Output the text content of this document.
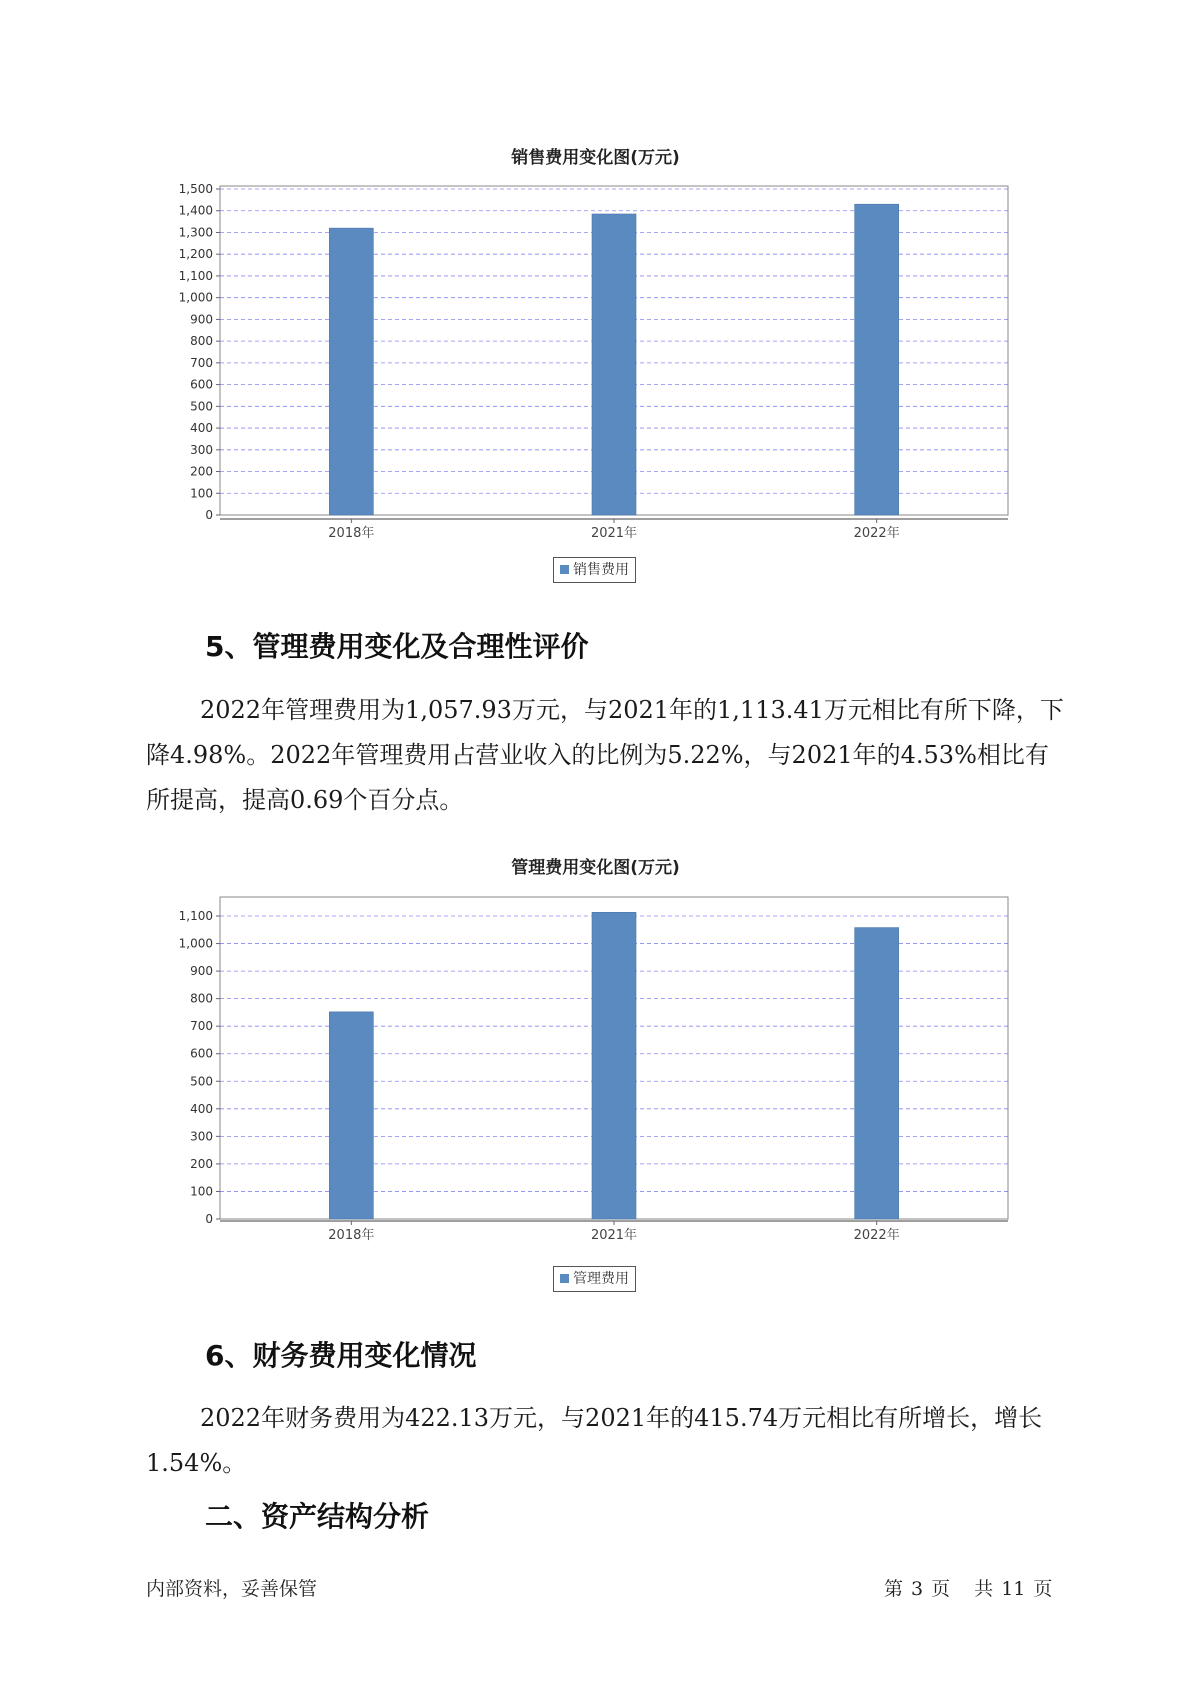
销售费用变化图(万元)
0
100
200
300
400
500
600
700
800
900
1,000
1,100
1,200
1,300
1,400
1,500
2018年	2021年	2022年
销售费用
5、管理费用变化及合理性评价

2022年管理费用为1,057.93万元，与2021年的1,113.41万元相比有所下降，下降4.98%。2022年管理费用占营业收入的比例为5.22%，与2021年的4.53%相比有所提高，提高0.69个百分点。

管理费用变化图(万元)
0
100
200
300
400
500
600
700
800
900
1,000
1,100
2018年	2021年	2022年
管理费用
6、财务费用变化情况

2022年财务费用为422.13万元，与2021年的415.74万元相比有所增长，增长1.54%。

二、资产结构分析
内部资料，妥善保管	第 3 页 共 11 页
